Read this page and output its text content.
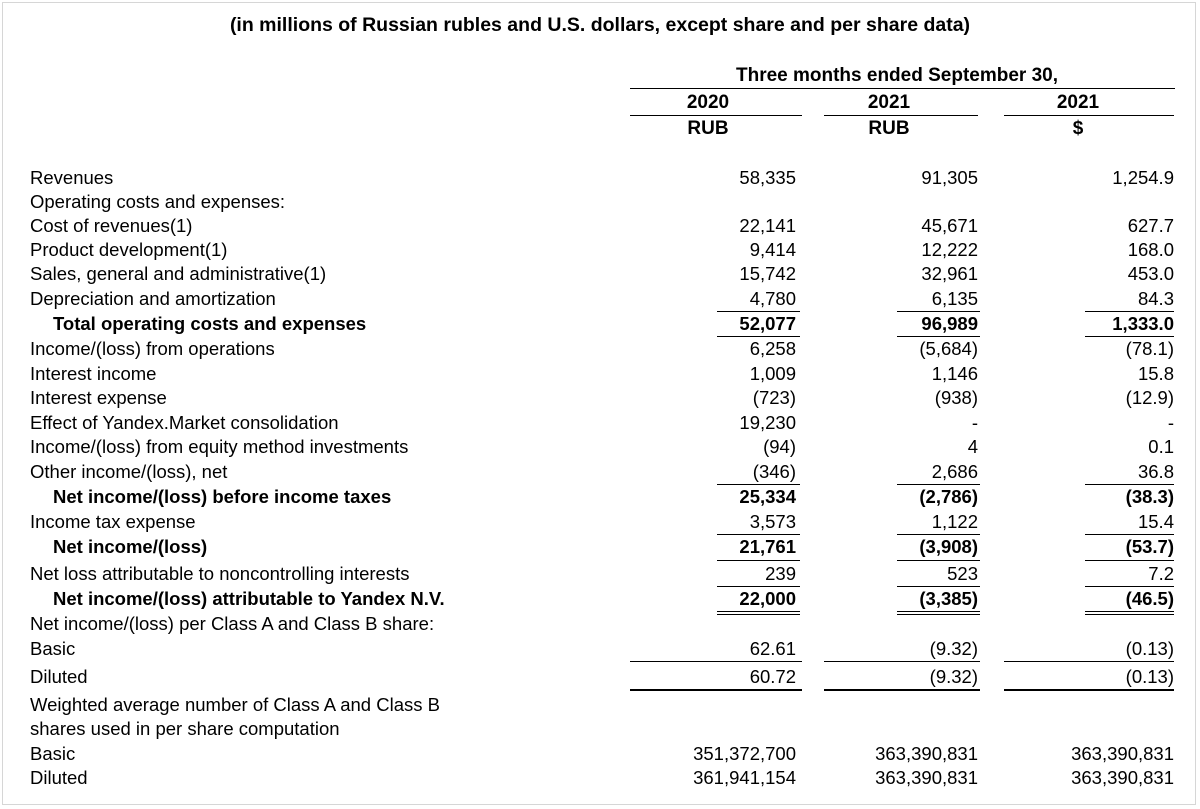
(in millions of Russian rubles and U.S. dollars, except share and per share data)
Three months ended September 30,
2020	2021	2021
RUB	RUB	$
Revenues	58,335	91,305	1,254.9
Operating costs and expenses:
Cost of revenues(1)	22,141	45,671	627.7
Product development(1)	9,414	12,222	168.0
Sales, general and administrative(1)	15,742	32,961	453.0
Depreciation and amortization	4,780	6,135	84.3
Total operating costs and expenses	52,077	96,989	1,333.0
Income/(loss) from operations	6,258	(5,684)	(78.1)
Interest income	1,009	1,146	15.8
Interest expense	(723)	(938)	(12.9)
Effect of Yandex.Market consolidation	19,230	-	-
Income/(loss) from equity method investments	(94)	4	0.1
Other income/(loss), net	(346)	2,686	36.8
Net income/(loss) before income taxes	25,334	(2,786)	(38.3)
Income tax expense	3,573	1,122	15.4
Net income/(loss)	21,761	(3,908)	(53.7)
Net loss attributable to noncontrolling interests	239	523	7.2
Net income/(loss) attributable to Yandex N.V.	22,000	(3,385)	(46.5)
Net income/(loss) per Class A and Class B share:
Basic	62.61	(9.32)	(0.13)
Diluted	60.72	(9.32)	(0.13)
Weighted average number of Class A and Class B
shares used in per share computation
Basic	351,372,700	363,390,831	363,390,831
Diluted	361,941,154	363,390,831	363,390,831
